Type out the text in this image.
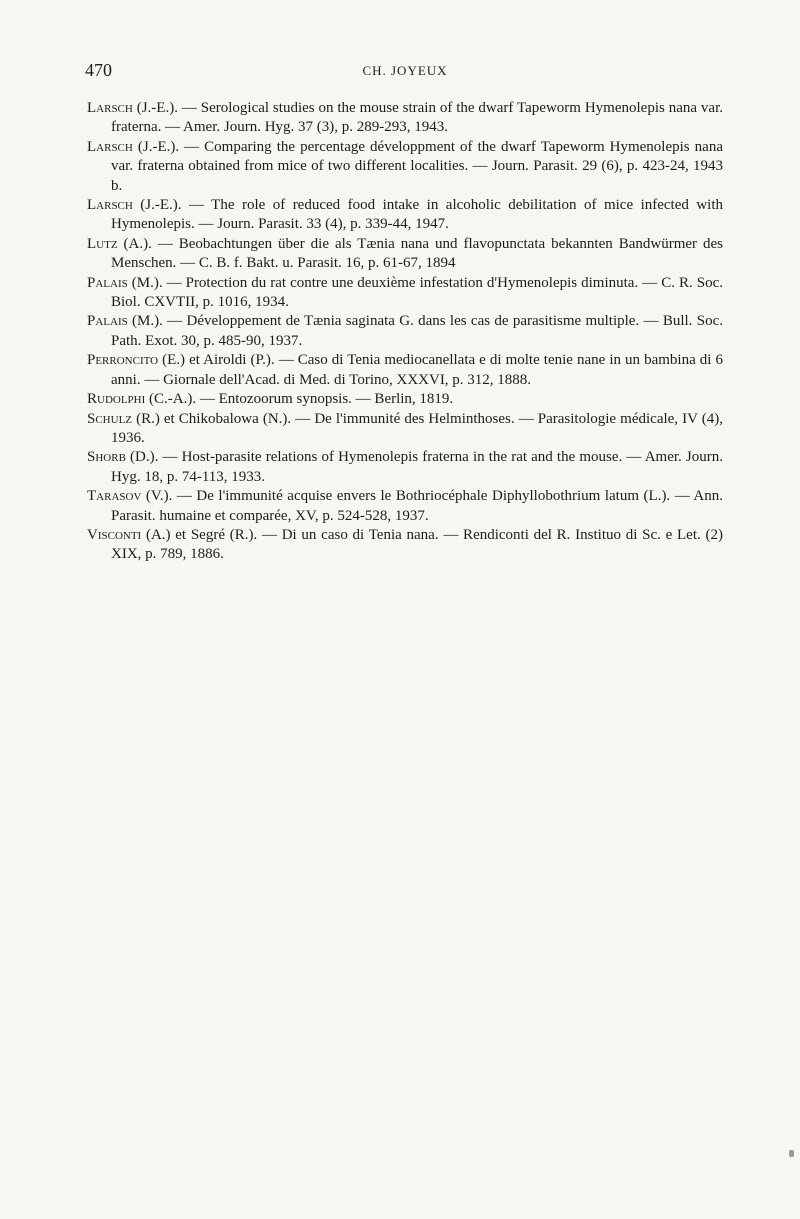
470	CH. JOYEUX

Larsch (J.-E.). — Serological studies on the mouse strain of the dwarf Tapeworm Hymenolepis nana var. fraterna. — Amer. Journ. Hyg. 37 (3), p. 289-293, 1943.

Larsch (J.-E.). — Comparing the percentage développment of the dwarf Tapeworm Hymenolepis nana var. fraterna obtained from mice of two different localities. — Journ. Parasit. 29 (6), p. 423-24, 1943 b.

Larsch (J.-E.). — The role of reduced food intake in alcoholic debilitation of mice infected with Hymenolepis. — Journ. Parasit. 33 (4), p. 339-44, 1947.

Lutz (A.). — Beobachtungen über die als Tænia nana und flavopunctata bekannten Bandwürmer des Menschen. — C. B. f. Bakt. u. Parasit. 16, p. 61-67, 1894

Palais (M.). — Protection du rat contre une deuxième infestation d'Hymenolepis diminuta. — C. R. Soc. Biol. CXVTII, p. 1016, 1934.

Palais (M.). — Développement de Tænia saginata G. dans les cas de parasitisme multiple. — Bull. Soc. Path. Exot. 30, p. 485-90, 1937.

Perroncito (E.) et Airoldi (P.). — Caso di Tenia mediocanellata e di molte tenie nane in un bambina di 6 anni. — Giornale dell'Acad. di Med. di Torino, XXXVI, p. 312, 1888.

Rudolphi (C.-A.). — Entozoorum synopsis. — Berlin, 1819.

Schulz (R.) et Chikobalowa (N.). — De l'immunité des Helminthoses. — Parasitologie médicale, IV (4), 1936.

Shorb (D.). — Host-parasite relations of Hymenolepis fraterna in the rat and the mouse. — Amer. Journ. Hyg. 18, p. 74-113, 1933.

Tarasov (V.). — De l'immunité acquise envers le Bothriocéphale Diphyllobothrium latum (L.). — Ann. Parasit. humaine et comparée, XV, p. 524-528, 1937.

Visconti (A.) et Segré (R.). — Di un caso di Tenia nana. — Rendiconti del R. Instituo di Sc. e Let. (2) XIX, p. 789, 1886.
